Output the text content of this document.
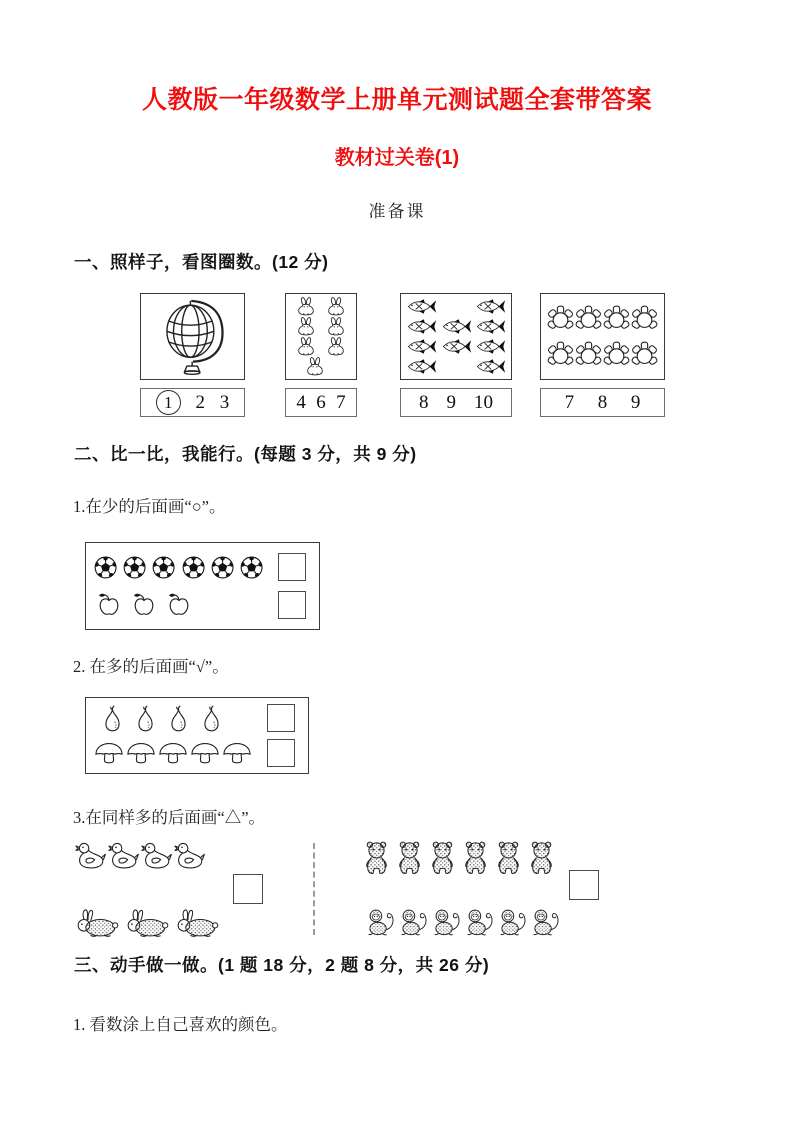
人教版一年级数学上册单元测试题全套带答案
教材过关卷(1)
准备课
一、照样子，看图圈数。(12 分)
1	2 3	4 6 7	8 9 10	7 8 9
二、比一比，我能行。(每题 3 分，共 9 分)
1.在少的后面画“○”。
2. 在多的后面画“√”。
3.在同样多的后面画“△”。
三、动手做一做。(1 题 18 分，2 题 8 分，共 26 分)
1. 看数涂上自己喜欢的颜色。
